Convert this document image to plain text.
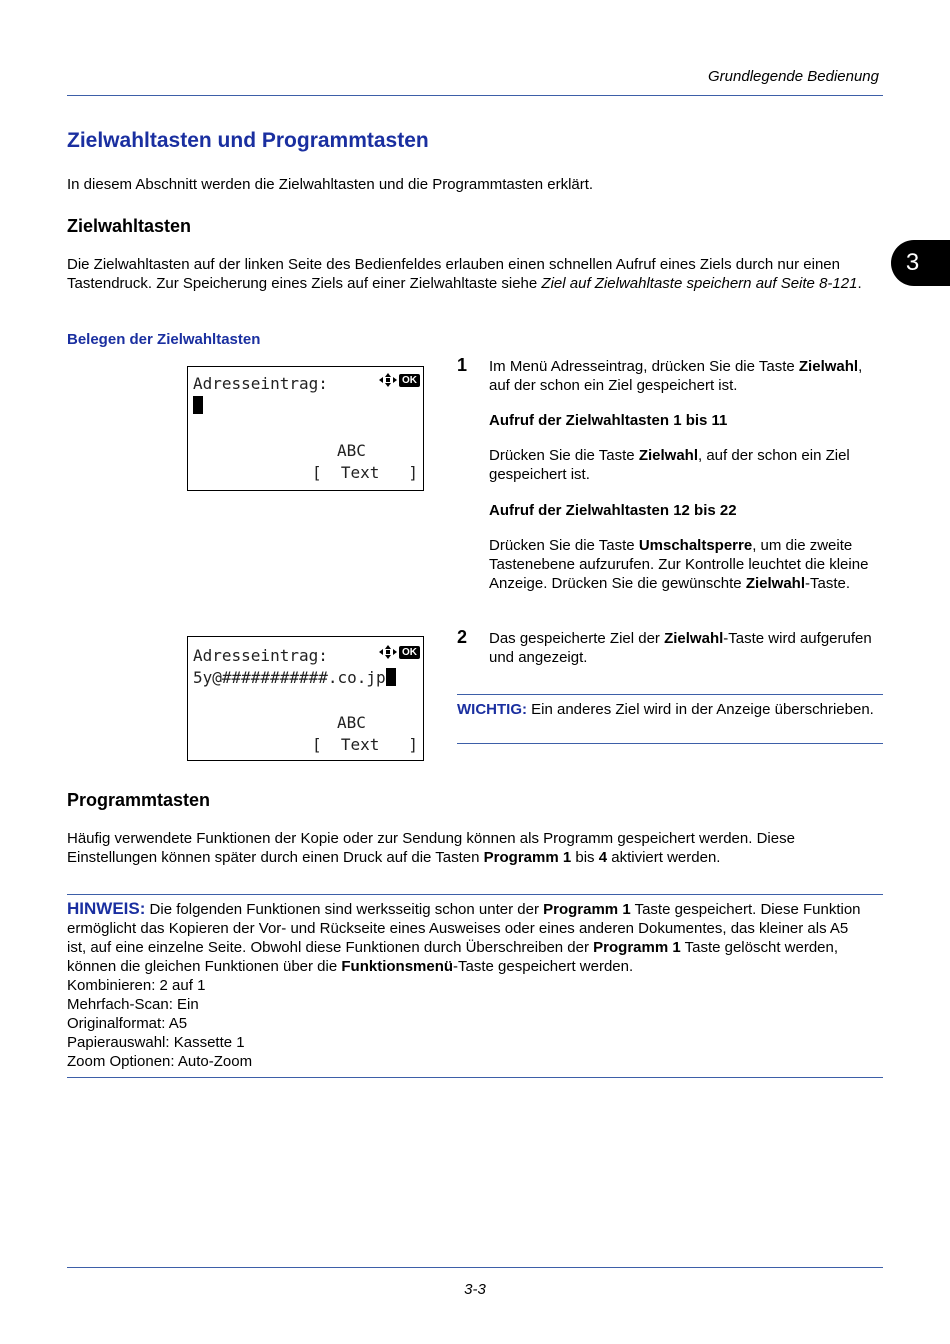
Grundlegende Bedienung
3
Zielwahltasten und Programmtasten
In diesem Abschnitt werden die Zielwahltasten und die Programmtasten erklärt.
Zielwahltasten
Die Zielwahltasten auf der linken Seite des Bedienfeldes erlauben einen schnellen Aufruf eines Ziels durch nur einen Tastendruck. Zur Speicherung eines Ziels auf einer Zielwahltaste siehe Ziel auf Zielwahltaste speichern auf Seite 8-121.
Belegen der Zielwahltasten
Adresseintrag:	OK
ABC
[  Text   ]
1 Im Menü Adresseintrag, drücken Sie die Taste Zielwahl, auf der schon ein Ziel gespeichert ist.
Aufruf der Zielwahltasten 1 bis 11
Drücken Sie die Taste Zielwahl, auf der schon ein Ziel gespeichert ist.
Aufruf der Zielwahltasten 12 bis 22
Drücken Sie die Taste Umschaltsperre, um die zweite Tastenebene aufzurufen. Zur Kontrolle leuchtet die kleine Anzeige. Drücken Sie die gewünschte Zielwahl-Taste.
Adresseintrag:	OK
5y@###########.co.jp
ABC
[  Text   ]
2 Das gespeicherte Ziel der Zielwahl-Taste wird aufgerufen und angezeigt.
WICHTIG: Ein anderes Ziel wird in der Anzeige überschrieben.
Programmtasten
Häufig verwendete Funktionen der Kopie oder zur Sendung können als Programm gespeichert werden. Diese Einstellungen können später durch einen Druck auf die Tasten Programm 1 bis 4 aktiviert werden.
HINWEIS: Die folgenden Funktionen sind werksseitig schon unter der Programm 1 Taste gespeichert. Diese Funktion ermöglicht das Kopieren der Vor- und Rückseite eines Ausweises oder eines anderen Dokumentes, das kleiner als A5 ist, auf eine einzelne Seite. Obwohl diese Funktionen durch Überschreiben der Programm 1 Taste gelöscht werden, können die gleichen Funktionen über die Funktionsmenü-Taste gespeichert werden.
Kombinieren: 2 auf 1
Mehrfach-Scan: Ein
Originalformat: A5
Papierauswahl: Kassette 1
Zoom Optionen: Auto-Zoom
3-3
